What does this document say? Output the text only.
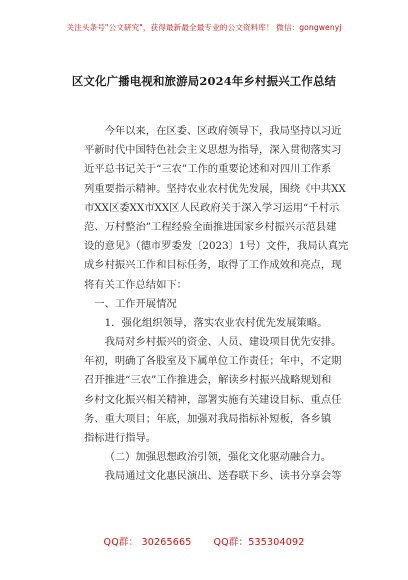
关注头条号"公文研究"，获得最新最全最专业的公文资料库！ 微信：gongwenyj
区文化广播电视和旅游局2024年乡村振兴工作总结
今年以来，在区委、区政府领导下，我局坚持以习近
平新时代中国特色社会主义思想为指导，深入贯彻落实习
近平总书记关于“三农”工作的重要论述和对四川工作系
列重要指示精神。坚持农业农村优先发展，围绕《中共XX
市XX区委XX市XX区人民政府关于深入学习运用“千村示
范、万村整治”工程经验全面推进国家乡村振兴示范县建
设的意见》（德市罗委发〔2023〕1号）文件，我局认真完
成乡村振兴工作和目标任务，取得了工作成效和亮点，现
将有关工作总结如下：
一、工作开展情况
1．强化组织领导，落实农业农村优先发展策略。
我局对乡村振兴的资金、人员、建设项目优先安排。
年初，明确了各股室及下属单位工作责任；年中，不定期
召开推进“三农”工作推进会，解读乡村振兴战略规划和
乡村文化振兴相关精神，部署实施有关建设目标、重点任
务、重大项目；年底，加强对我局指标补短板，各乡镇
指标进行指导。
（二）加强思想政治引领，强化文化驱动融合力。
我局通过文化惠民演出、送春联下乡、读书分享会等
QQ群： 30265665 QQ群：535304092
